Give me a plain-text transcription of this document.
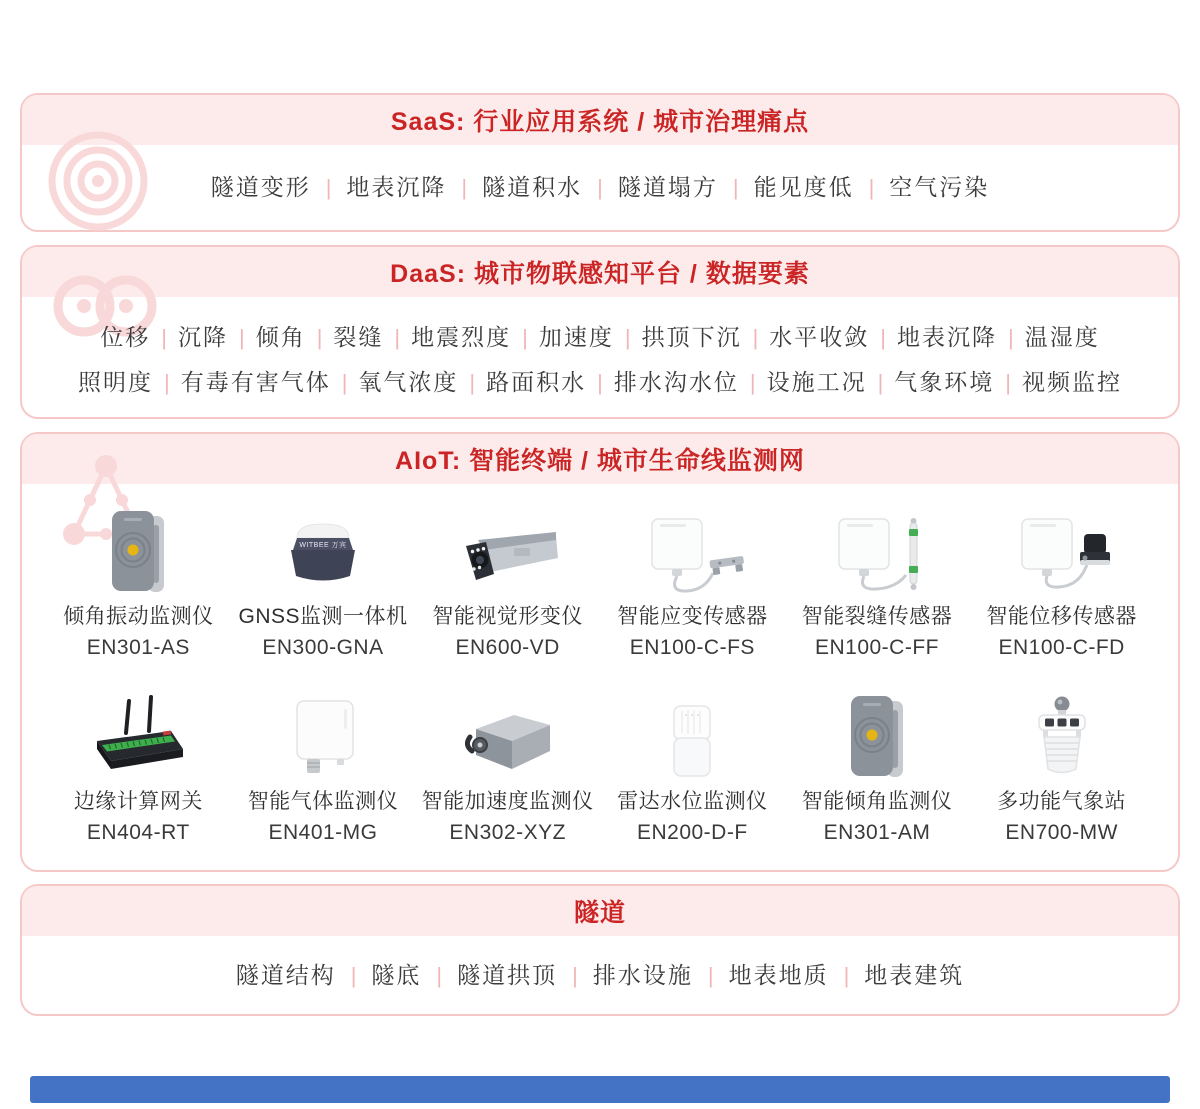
SaaS: 行业应用系统 / 城市治理痛点
隧道变形 | 地表沉降 | 隧道积水 | 隧道塌方 | 能见度低 | 空气污染
DaaS: 城市物联感知平台 / 数据要素
位移 | 沉降 | 倾角 | 裂缝 | 地震烈度 | 加速度 | 拱顶下沉 | 水平收敛 | 地表沉降 | 温湿度
照明度 | 有毒有害气体 | 氧气浓度 | 路面积水 | 排水沟水位 | 设施工况 | 气象环境 | 视频监控
AIoT: 智能终端 / 城市生命线监测网
倾角振动监测仪
EN301-AS
WITBEE 万宾
GNSS监测一体机
EN300-GNA
智能视觉形变仪
EN600-VD
智能应变传感器
EN100-C-FS
智能裂缝传感器
EN100-C-FF
智能位移传感器
EN100-C-FD
边缘计算网关
EN404-RT
智能气体监测仪
EN401-MG
智能加速度监测仪
EN302-XYZ
雷达水位监测仪
EN200-D-F
智能倾角监测仪
EN301-AM
多功能气象站
EN700-MW
隧道
隧道结构 | 隧底 | 隧道拱顶 | 排水设施 | 地表地质 | 地表建筑
